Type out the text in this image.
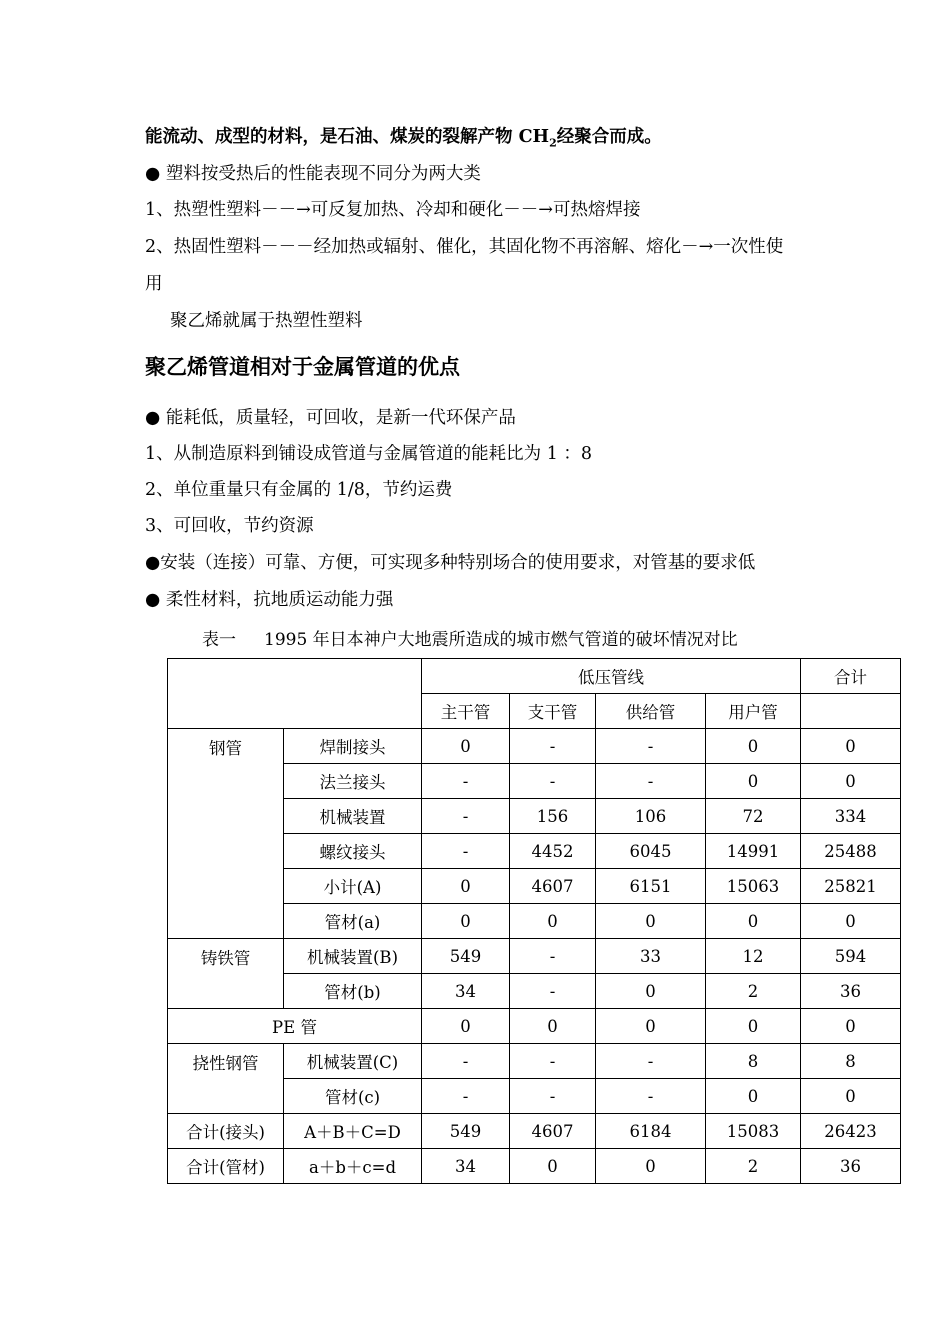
能流动、成型的材料，是石油、煤炭的裂解产物 $CH_2$经聚合而成。
● 塑料按受热后的性能表现不同分为两大类
1、热塑性塑料－－→可反复加热、冷却和硬化－－→可热熔焊接
2、热固性塑料－－－经加热或辐射、催化，其固化物不再溶解、熔化－→一次性使
用
聚乙烯就属于热塑性塑料
聚乙烯管道相对于金属管道的优点
● 能耗低，质量轻，可回收，是新一代环保产品
1、从制造原料到铺设成管道与金属管道的能耗比为 1 ：8
2、单位重量只有金属的 1/8，节约运费
3、可回收，节约资源
●安装（连接）可靠、方便，可实现多种特别场合的使用要求，对管基的要求低
● 柔性材料，抗地质运动能力强
表一 1995 年日本神户大地震所造成的城市燃气管道的破坏情况对比
		低压管线				合计
		主干管	支干管	供给管	用户管	
钢管	焊制接头	0	-	-	0	0
	法兰接头	-	-	-	0	0
	机械装置	-	156	106	72	334
	螺纹接头	-	4452	6045	14991	25488
	小计(A)	0	4607	6151	15063	25821
	管材(a)	0	0	0	0	0
铸铁管	机械装置(B)	549	-	33	12	594
	管材(b)	34	-	0	2	36
PE 管		0	0	0	0	0
挠性钢管	机械装置(C)	-	-	-	8	8
	管材(c)	-	-	-	0	0
合计(接头)	A＋B＋C=D	549	4607	6184	15083	26423
合计(管材)	a＋b＋c=d	34	0	0	2	36
